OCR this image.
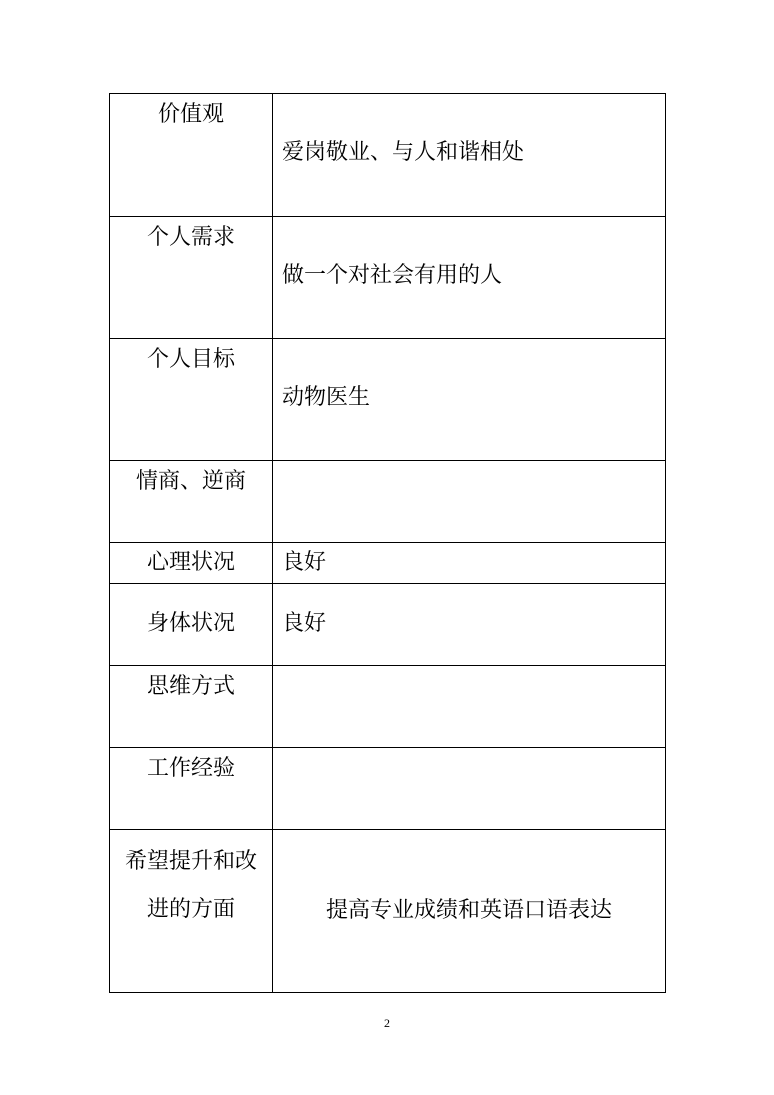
价值观	爱岗敬业、与人和谐相处

个人需求	做一个对社会有用的人

个人目标	动物医生

情商、逆商	

心理状况	良好

身体状况	良好

思维方式	

工作经验	

希望提升和改进的方面	提高专业成绩和英语口语表达
2
